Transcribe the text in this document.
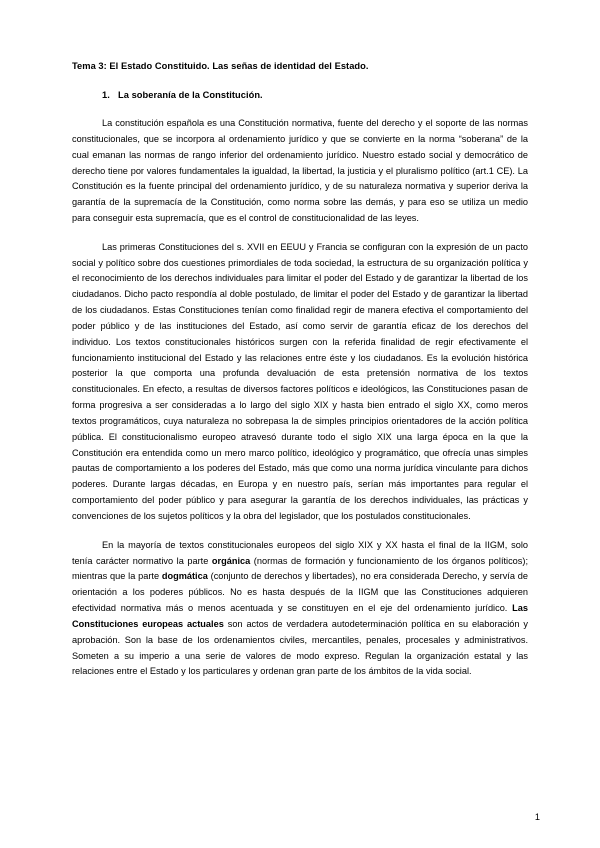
Tema 3: El Estado Constituido. Las señas de identidad del Estado.
1. La soberanía de la Constitución.

La constitución española es una Constitución normativa, fuente del derecho y el soporte de las normas constitucionales, que se incorpora al ordenamiento jurídico y que se convierte en la norma “soberana” de la cual emanan las normas de rango inferior del ordenamiento jurídico. Nuestro estado social y democrático de derecho tiene por valores fundamentales la igualdad, la libertad, la justicia y el pluralismo político (art.1 CE). La Constitución es la fuente principal del ordenamiento jurídico, y de su naturaleza normativa y superior deriva la garantía de la supremacía de la Constitución, como norma sobre las demás, y para eso se utiliza un medio para conseguir esta supremacía, que es el control de constitucionalidad de las leyes.

Las primeras Constituciones del s. XVII en EEUU y Francia se configuran con la expresión de un pacto social y político sobre dos cuestiones primordiales de toda sociedad, la estructura de su organización política y el reconocimiento de los derechos individuales para limitar el poder del Estado y de garantizar la libertad de los ciudadanos. Dicho pacto respondía al doble postulado, de limitar el poder del Estado y de garantizar la libertad de los ciudadanos. Estas Constituciones tenían como finalidad regir de manera efectiva el comportamiento del poder público y de las instituciones del Estado, así como servir de garantía eficaz de los derechos del individuo. Los textos constitucionales históricos surgen con la referida finalidad de regir efectivamente el funcionamiento institucional del Estado y las relaciones entre éste y los ciudadanos. Es la evolución histórica posterior la que comporta una profunda devaluación de esta pretensión normativa de los textos constitucionales. En efecto, a resultas de diversos factores políticos e ideológicos, las Constituciones pasan de forma progresiva a ser consideradas a lo largo del siglo XIX y hasta bien entrado el siglo XX, como meros textos programáticos, cuya naturaleza no sobrepasa la de simples principios orientadores de la acción política pública. El constitucionalismo europeo atravesó durante todo el siglo XIX una larga época en la que la Constitución era entendida como un mero marco político, ideológico y programático, que ofrecía unas simples pautas de comportamiento a los poderes del Estado, más que como una norma jurídica vinculante para dichos poderes. Durante largas décadas, en Europa y en nuestro país, serían más importantes para regular el comportamiento del poder público y para asegurar la garantía de los derechos individuales, las prácticas y convenciones de los sujetos políticos y la obra del legislador, que los postulados constitucionales.

En la mayoría de textos constitucionales europeos del siglo XIX y XX hasta el final de la IIGM, solo tenía carácter normativo la parte orgánica (normas de formación y funcionamiento de los órganos políticos); mientras que la parte dogmática (conjunto de derechos y libertades), no era considerada Derecho, y servía de orientación a los poderes públicos. No es hasta después de la IIGM que las Constituciones adquieren efectividad normativa más o menos acentuada y se constituyen en el eje del ordenamiento jurídico. Las Constituciones europeas actuales son actos de verdadera autodeterminación política en su elaboración y aprobación. Son la base de los ordenamientos civiles, mercantiles, penales, procesales y administrativos. Someten a su imperio a una serie de valores de modo expreso. Regulan la organización estatal y las relaciones entre el Estado y los particulares y ordenan gran parte de los ámbitos de la vida social.

1
